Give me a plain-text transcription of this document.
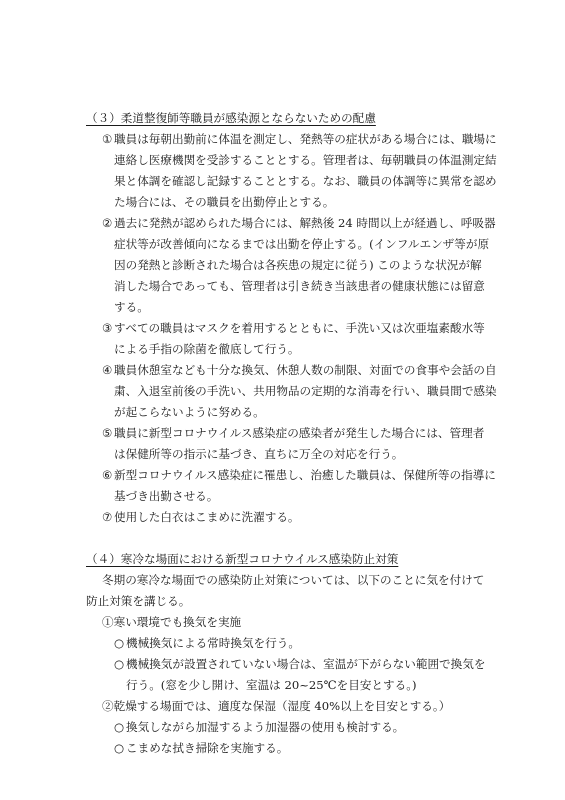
（３）柔道整復師等職員が感染源とならないための配慮
① 職員は毎朝出勤前に体温を測定し、発熱等の症状がある場合には、職場に
連絡し医療機関を受診することとする。管理者は、毎朝職員の体温測定結
果と体調を確認し記録することとする。なお、職員の体調等に異常を認め
た場合には、その職員を出勤停止とする。
② 過去に発熱が認められた場合には、解熱後 24 時間以上が経過し、呼吸器
症状等が改善傾向になるまでは出勤を停止する。(インフルエンザ等が原
因の発熱と診断された場合は各疾患の規定に従う) このような状況が解
消した場合であっても、管理者は引き続き当該患者の健康状態には留意
する。
③ すべての職員はマスクを着用するとともに、手洗い又は次亜塩素酸水等
による手指の除菌を徹底して行う。
④ 職員休憩室なども十分な換気、休憩人数の制限、対面での食事や会話の自
粛、入退室前後の手洗い、共用物品の定期的な消毒を行い、職員間で感染
が起こらないように努める。
⑤ 職員に新型コロナウイルス感染症の感染者が発生した場合には、管理者
は保健所等の指示に基づき、直ちに万全の対応を行う。
⑥ 新型コロナウイルス感染症に罹患し、治癒した職員は、保健所等の指導に
基づき出勤させる。
⑦ 使用した白衣はこまめに洗濯する。
（４）寒冷な場面における新型コロナウイルス感染防止対策
冬期の寒冷な場面での感染防止対策については、以下のことに気を付けて
防止対策を講じる。
①寒い環境でも換気を実施
○ 機械換気による常時換気を行う。
○ 機械換気が設置されていない場合は、室温が下がらない範囲で換気を
行う。(窓を少し開け、室温は 20~25℃を目安とする。)
②乾燥する場面では、適度な保湿（湿度 40%以上を目安とする。）
○ 換気しながら加湿するよう加湿器の使用も検討する。
○ こまめな拭き掃除を実施する。
